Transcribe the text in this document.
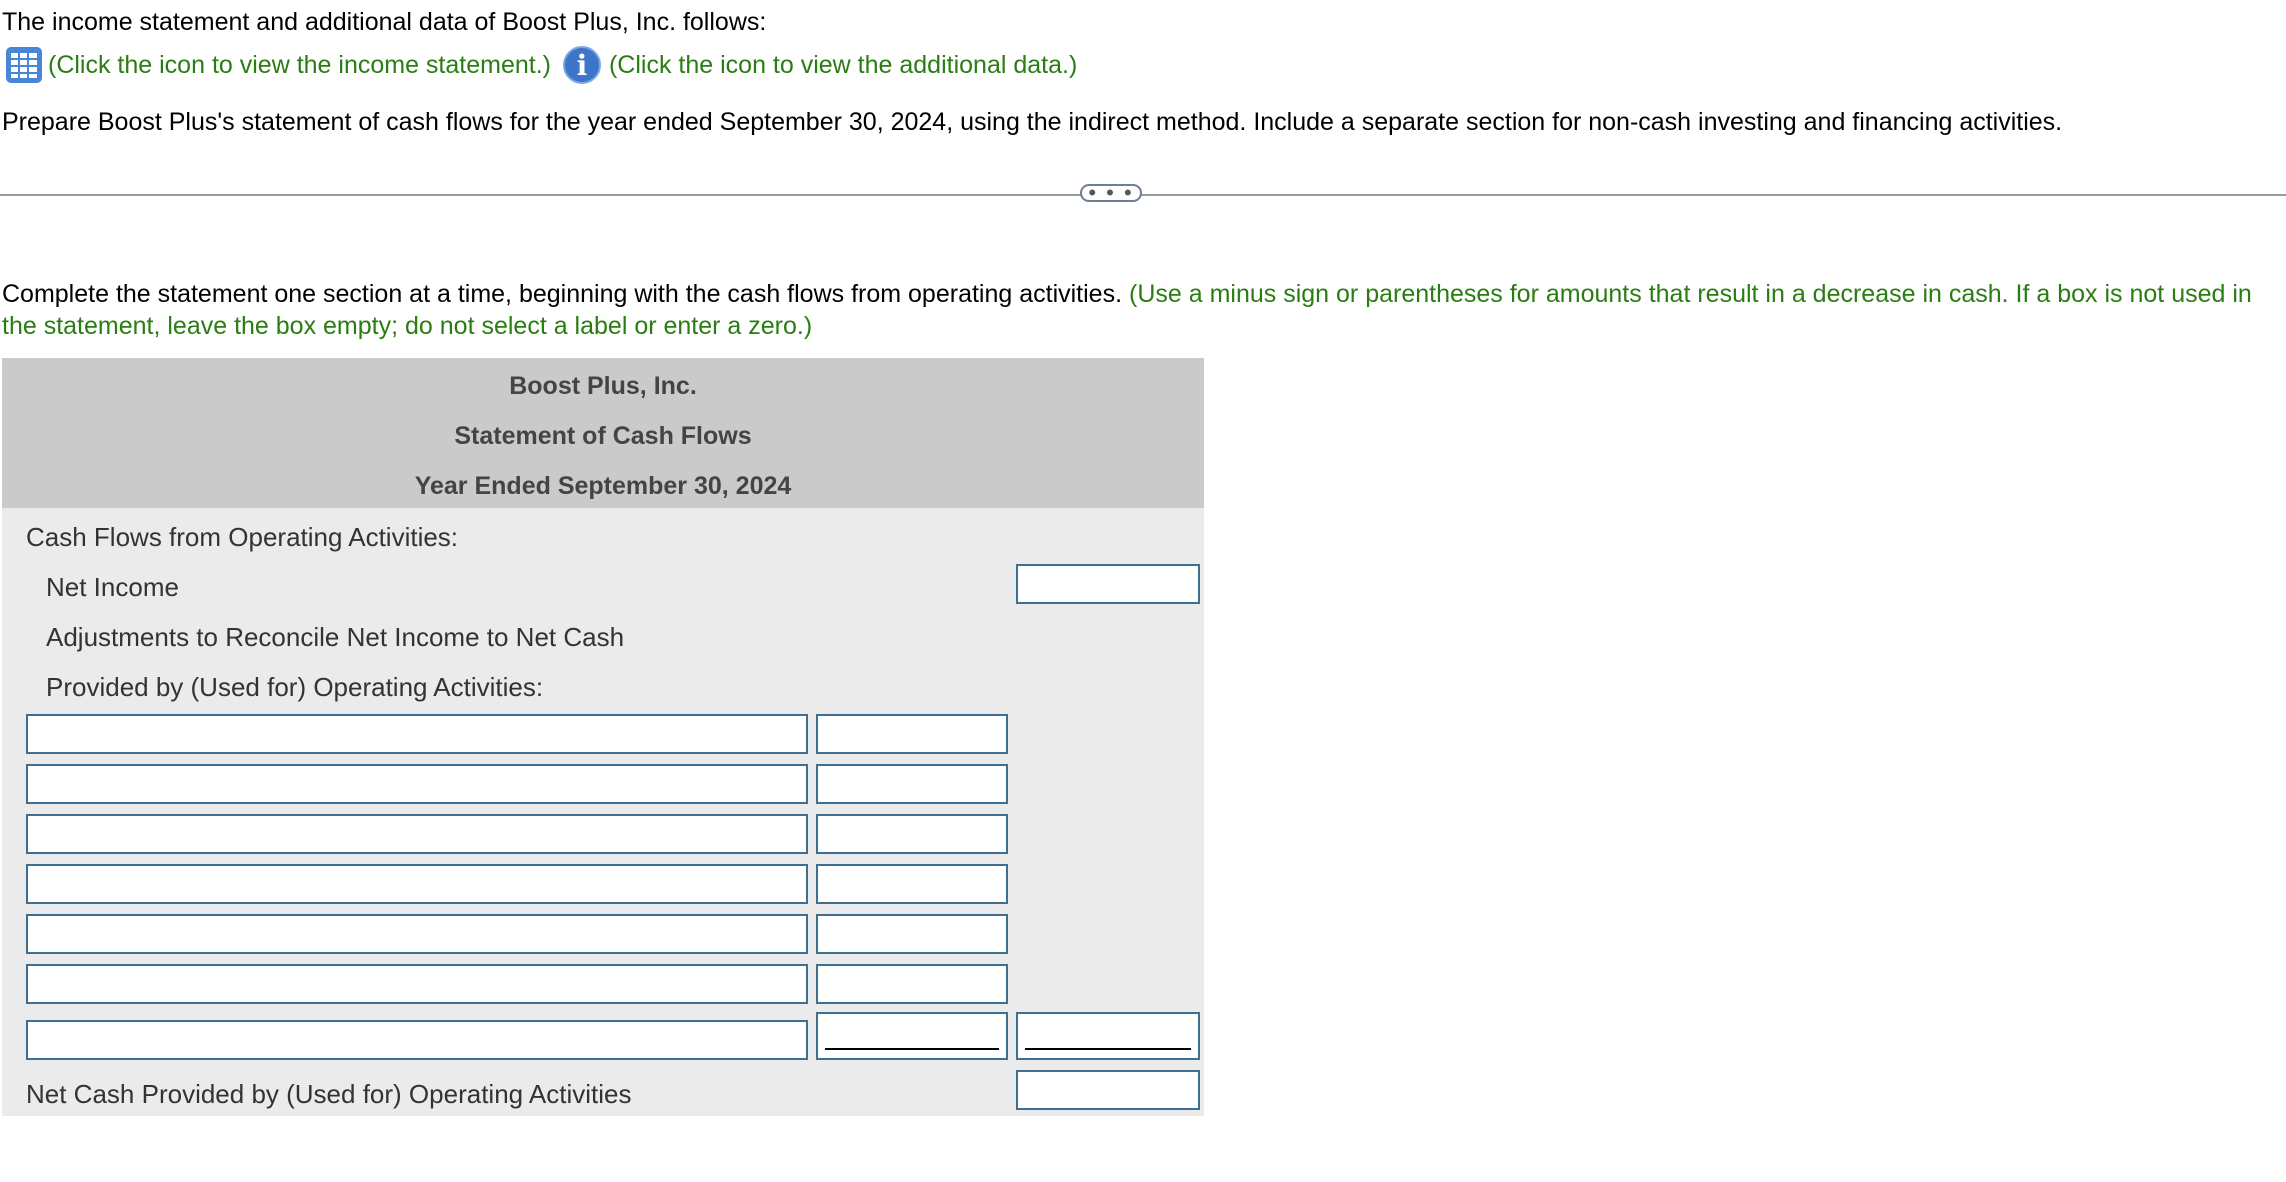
The income statement and additional data of Boost Plus, Inc. follows:
(Click the icon to view the income statement.) i (Click the icon to view the additional data.)
Prepare Boost Plus's statement of cash flows for the year ended September 30, 2024, using the indirect method. Include a separate section for non-cash investing and financing activities.
• • •
Complete the statement one section at a time, beginning with the cash flows from operating activities. (Use a minus sign or parentheses for amounts that result in a decrease in cash. If a box is not used in the statement, leave the box empty; do not select a label or enter a zero.)
Boost Plus, Inc.
Statement of Cash Flows
Year Ended September 30, 2024
Cash Flows from Operating Activities:
Net Income
Adjustments to Reconcile Net Income to Net Cash
Provided by (Used for) Operating Activities:
Net Cash Provided by (Used for) Operating Activities
